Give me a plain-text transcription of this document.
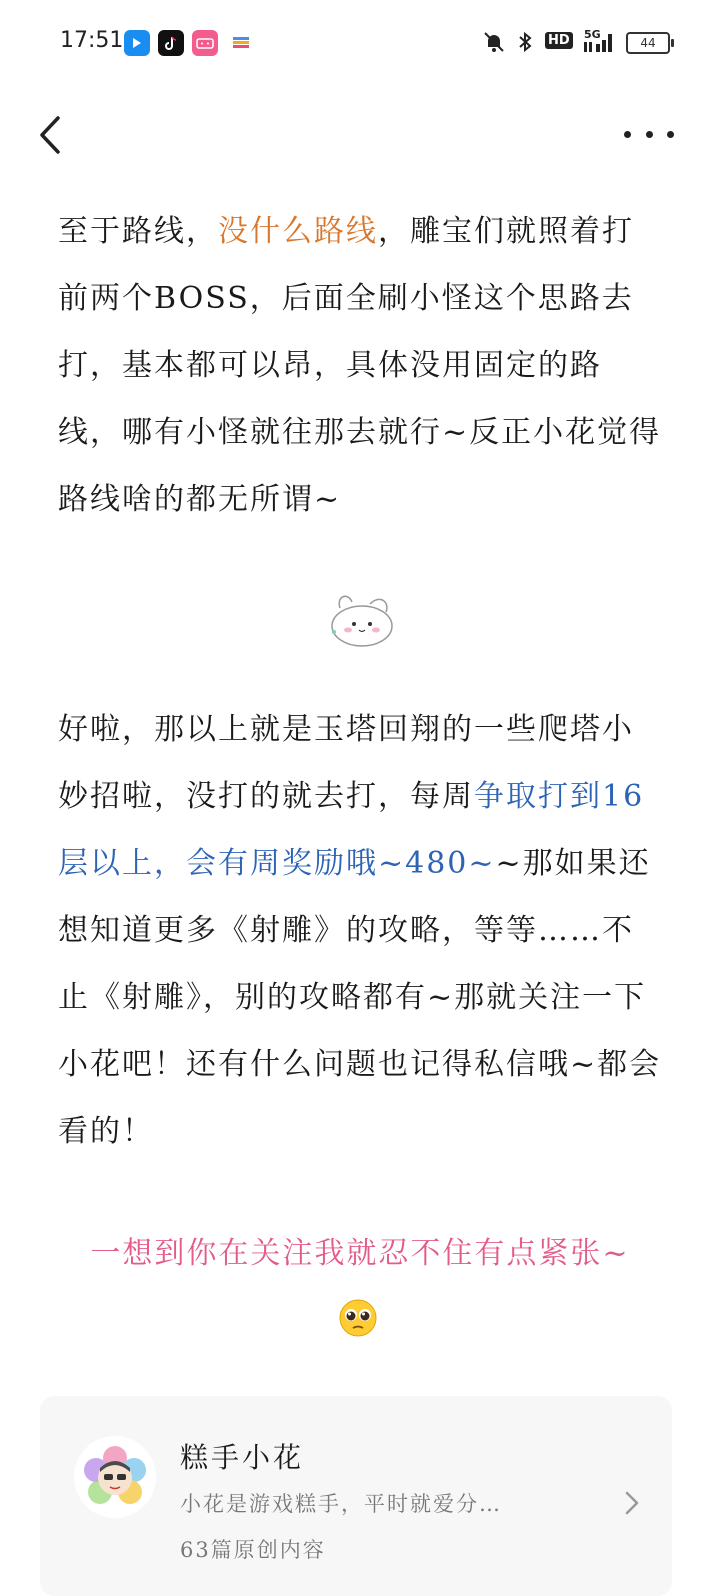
17:51	HD 5G
44

至于路线，没什么路线，雕宝们就照着打前两个BOSS，后面全刷小怪这个思路去打，基本都可以昂，具体没用固定的路线，哪有小怪就往那去就行~反正小花觉得路线啥的都无所谓~

好啦，那以上就是玉塔回翔的一些爬塔小妙招啦，没打的就去打，每周争取打到16层以上，会有周奖励哦~480~~那如果还想知道更多《射雕》的攻略，等等……不止《射雕》，别的攻略都有~那就关注一下小花吧！还有什么问题也记得私信哦~都会看的！

一想到你在关注我就忍不住有点紧张~
糕手小花
小花是游戏糕手，平时就爱分…
63篇原创内容
